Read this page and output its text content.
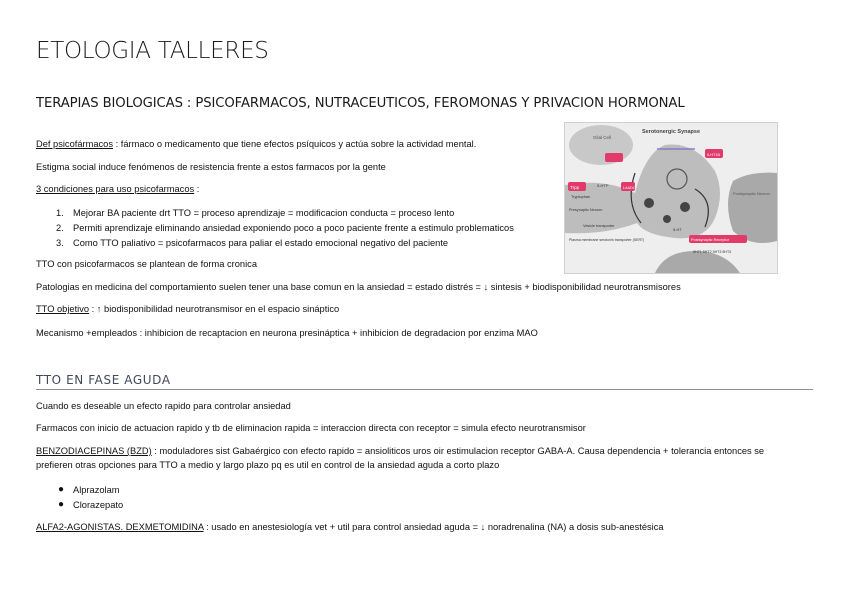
ETOLOGIA TALLERES
TERAPIAS BIOLOGICAS : PSICOFARMACOS, NUTRACEUTICOS, FEROMONAS Y PRIVACION HORMONAL
Def psicofármacos : fármaco o medicamento que tiene efectos psíquicos y actúa sobre la actividad mental.
Estigma social induce fenómenos de resistencia frente a estos farmacos por la gente
3 condiciones para uso psicofarmacos :
1. Mejorar BA paciente drt TTO = proceso aprendizaje = modificacion conducta = proceso lento
2. Permiti aprendizaje eliminando ansiedad exponiendo poco a poco paciente frente a estimulo problematicos
3. Como TTO paliativo = psicofarmacos para paliar el estado emocional negativo del paciente
TTO con psicofarmacos se plantean de forma cronica
Patologias en medicina del comportamiento suelen tener una base comun en la ansiedad = estado distrés = ↓ sintesis + biodisponibilidad neurotransmisores
TTO objetivo : ↑ biodisponibilidad neurotransmisor en el espacio sináptico
Mecanismo +empleados : inhibicion de recaptacion en neurona presináptica + inhibicion de degradacion por enzima MAO
TTO EN FASE AGUDA
Cuando es deseable un efecto rapido para controlar ansiedad
Farmacos con inicio de actuacion rapido y tb de eliminacion rapida = interaccion directa con receptor = simula efecto neurotransmisor
BENZODIACEPINAS (BZD) : moduladores sist Gabaérgico con efecto rapido = ansioliticos uros oir estimulacion receptor GABA-A. Causa dependencia + tolerancia entonces se
prefieren otras opciones para TTO a medio y largo plazo pq es util en control de la ansiedad aguda a corto plazo
● Alprazolam
● Clorazepato
ALFA2-AGONISTAS. DEXMETOMIDINA : usado en anestesiología vet + util para control ansiedad aguda = ↓ noradrenalina (NA) a dosis sub-anestésica
Serotonergic Synapse
Glial Cell
Trpp
Tryptophan
5-HTP	LAADC
Presynaptic Neuron
Vesicle transporter
Plasma membrane serotonin transporter (SERT)
Postsynaptic Neuron
Postsynaptic Receptor
5HT1 5HT2 5HT3 5HT4
5-HT1B
5-HT
